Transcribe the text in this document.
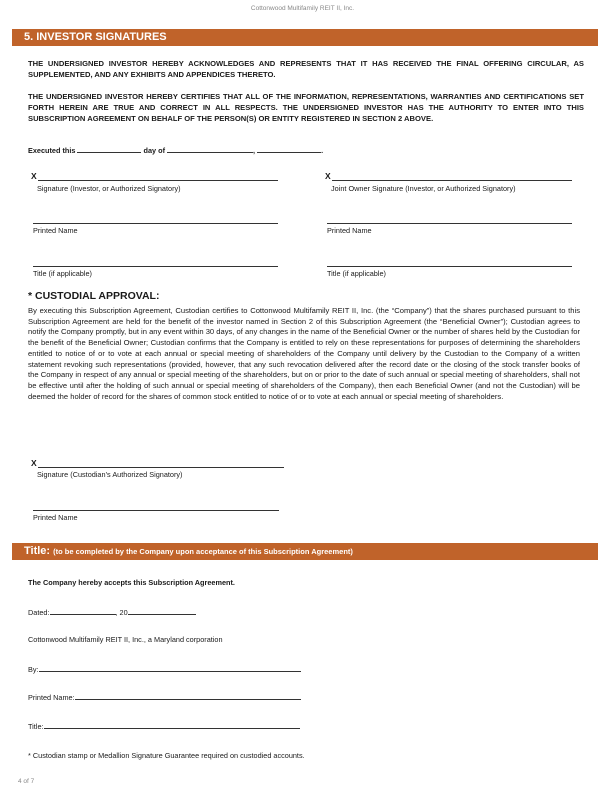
Cottonwood Multifamily REIT II, Inc.
5. INVESTOR SIGNATURES
THE UNDERSIGNED INVESTOR HEREBY ACKNOWLEDGES AND REPRESENTS THAT IT HAS RECEIVED THE FINAL OFFERING CIRCULAR, AS SUPPLEMENTED, AND ANY EXHIBITS AND APPENDICES THERETO.
THE UNDERSIGNED INVESTOR HEREBY CERTIFIES THAT ALL OF THE INFORMATION, REPRESENTATIONS, WARRANTIES AND CERTIFICATIONS SET FORTH HEREIN ARE TRUE AND CORRECT IN ALL RESPECTS. THE UNDERSIGNED INVESTOR HAS THE AUTHORITY TO ENTER INTO THIS SUBSCRIPTION AGREEMENT ON BEHALF OF THE PERSON(S) OR ENTITY REGISTERED IN SECTION 2 ABOVE.
Executed this	day of	,	.
X
Signature (Investor, or Authorized Signatory)
X
Joint Owner Signature (Investor, or Authorized Signatory)
Printed Name	Printed Name
Title (if applicable)	Title (if applicable)
* CUSTODIAL APPROVAL:
By executing this Subscription Agreement, Custodian certifies to Cottonwood Multifamily REIT II, Inc. (the “Company”) that the shares purchased pursuant to this Subscription Agreement are held for the benefit of the investor named in Section 2 of this Subscription Agreement (the “Beneficial Owner”); Custodian agrees to notify the Company promptly, but in any event within 30 days, of any changes in the name of the Beneficial Owner or the number of shares held by the Custodian for the benefit of the Beneficial Owner; Custodian confirms that the Company is entitled to rely on these representations for purposes of determining the shareholders entitled to notice of or to vote at each annual or special meeting of shareholders of the Company until delivery by the Custodian to the Company of a written statement revoking such representations (provided, however, that any such revocation delivered after the record date or the closing of the stock transfer books of the Company in respect of any annual or special meeting of the shareholders, but on or prior to the date of such annual or special meeting of shareholders, shall not be effective until after the holding of such annual or special meeting of shareholders of the Company), then each Beneficial Owner (and not the Custodian) will be deemed the holder of record for the shares of common stock entitled to notice of or to vote at each annual or special meeting of shareholders.
X
Signature (Custodian’s Authorized Signatory)
Printed Name
Title: (to be completed by the Company upon acceptance of this Subscription Agreement)
The Company hereby accepts this Subscription Agreement.
Dated:	, 20
Cottonwood Multifamily REIT II, Inc., a Maryland corporation
By:
Printed Name:
Title:
* Custodian stamp or Medallion Signature Guarantee required on custodied accounts.
4 of 7
